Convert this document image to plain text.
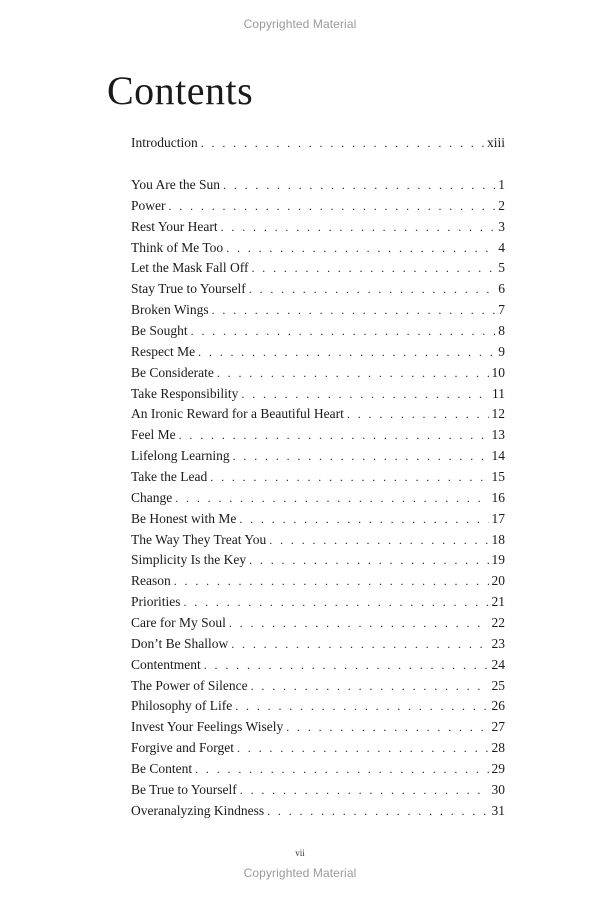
Copyrighted Material
Contents
Introduction . . .	xiii
You Are the Sun . . .	1
Power . . .	2
Rest Your Heart . . .	3
Think of Me Too . . .	4
Let the Mask Fall Off . . .	5
Stay True to Yourself . . .	6
Broken Wings . . .	7
Be Sought . . .	8
Respect Me . . .	9
Be Considerate . . .	10
Take Responsibility . . .	11
An Ironic Reward for a Beautiful Heart . . .	12
Feel Me . . .	13
Lifelong Learning . . .	14
Take the Lead . . .	15
Change . . .	16
Be Honest with Me . . .	17
The Way They Treat You . . .	18
Simplicity Is the Key . . .	19
Reason . . .	20
Priorities . . .	21
Care for My Soul . . .	22
Don’t Be Shallow . . .	23
Contentment . . .	24
The Power of Silence . . .	25
Philosophy of Life . . .	26
Invest Your Feelings Wisely . . .	27
Forgive and Forget . . .	28
Be Content . . .	29
Be True to Yourself . . .	30
Overanalyzing Kindness . . .	31
vii
Copyrighted Material
